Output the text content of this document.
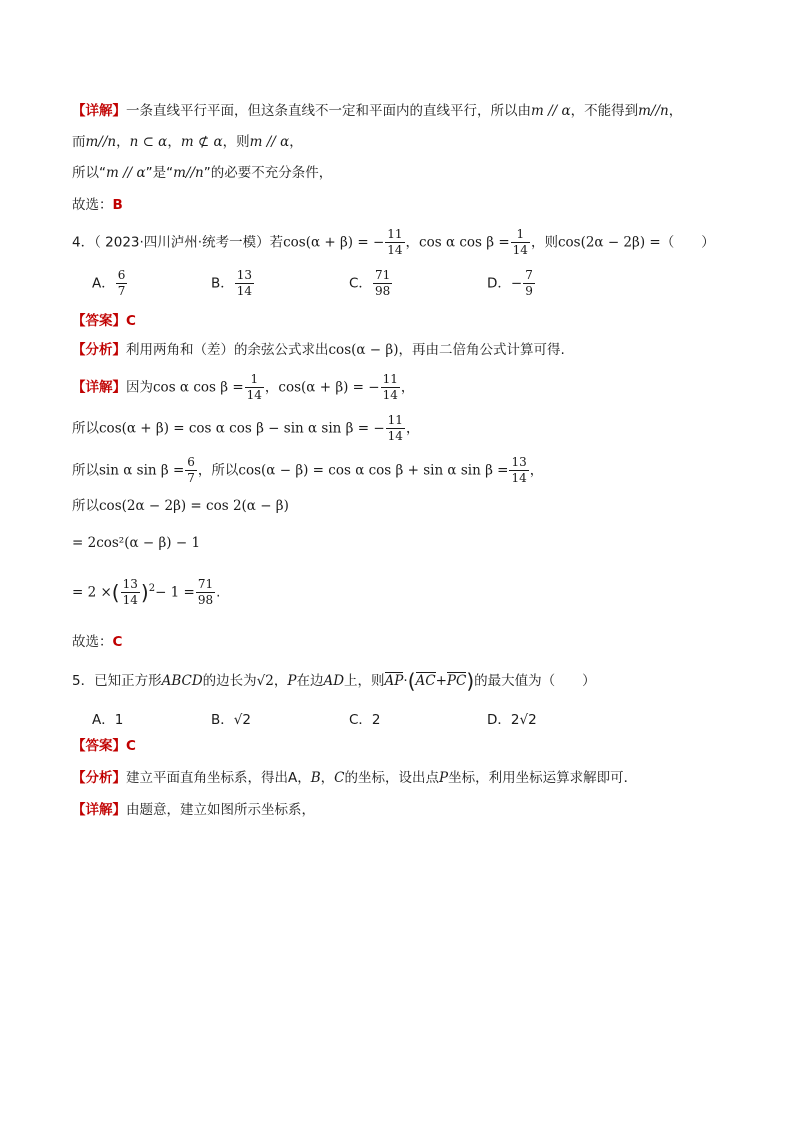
【详解】一条直线平行平面，但这条直线不一定和平面内的直线平行，所以由m // α，不能得到m//n，
而m//n，n ⊂ α，m ⊄ α，则m // α，
所以“m // α”是“m//n”的必要不充分条件，
故选：B
4．（ 2023·四川泸州·统考一模）若cos(α + β) = − $\frac{11}{14}$ ，cos α $\cos \beta = \frac{1}{14}$ ，则cos(2α − 2β) =（　　）
A． $\frac{6}{7}$	B． $\frac{13}{14}$	C． $\frac{71}{98}$	D．− $\frac{7}{9}$
【答案】C
【分析】利用两角和（差）的余弦公式求出cos(α − β)，再由二倍角公式计算可得.
【详解】因为cos α $\cos \beta = \frac{1}{14}$ ，cos(α + β) = − $\frac{11}{14}$ ，
所以cos(α + β) = cos α cos β − sin α sin β = − $\frac{11}{14}$ ，
所以sin α $\sin \beta = \frac{6}{7}$ ，所以cos(α − β) = cos α cos β + sin α $\sin \beta = \frac{13}{14}$ ，
所以cos(2α − 2β) = cos 2(α − β)
= 2cos²(α − β) − 1
= 2 ×( $\frac{13}{14} )^2- 1 = \frac{71}{98}$ .
故选：C
5．已知正方形ABCD的边长为√2，P在边AD上，则AP·(AC+PC)的最大值为（　　）
A．1	B．√2	C．2	D．2√2
【答案】C
【分析】建立平面直角坐标系，得出A，B，C的坐标，设出点P坐标，利用坐标运算求解即可．
【详解】由题意，建立如图所示坐标系，
